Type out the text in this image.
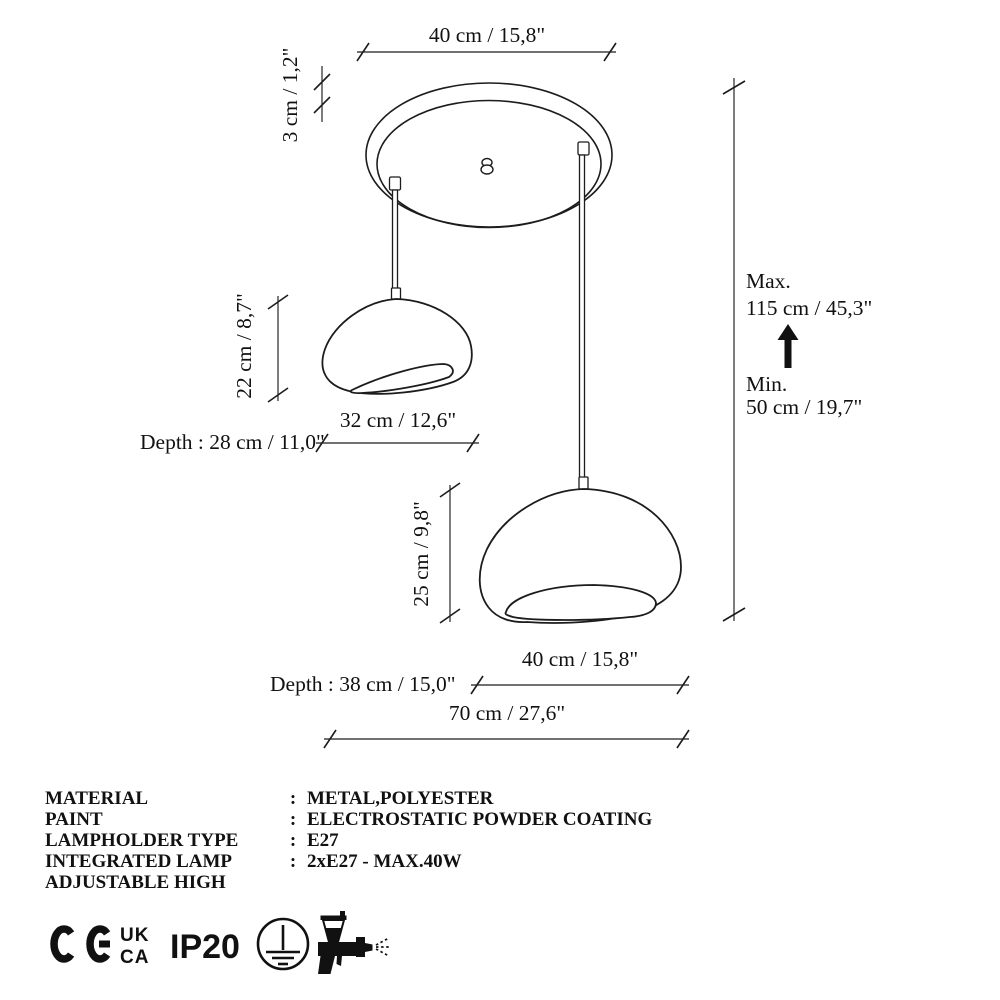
40 cm / 15,8"
3 cm / 1,2"
22 cm / 8,7"
32 cm / 12,6"
Depth : 28 cm / 11,0"
25 cm / 9,8"
40 cm / 15,8"
Depth : 38 cm / 15,0"
70 cm / 27,6"
Max.
115 cm / 45,3"
Min.
50 cm / 19,7"
MATERIAL	: METAL,POLYESTER
PAINT	: ELECTROSTATIC POWDER COATING
LAMPHOLDER TYPE	: E27
INTEGRATED LAMP	: 2xE27 - MAX.40W
ADJUSTABLE HIGH
UK
CA IP20
